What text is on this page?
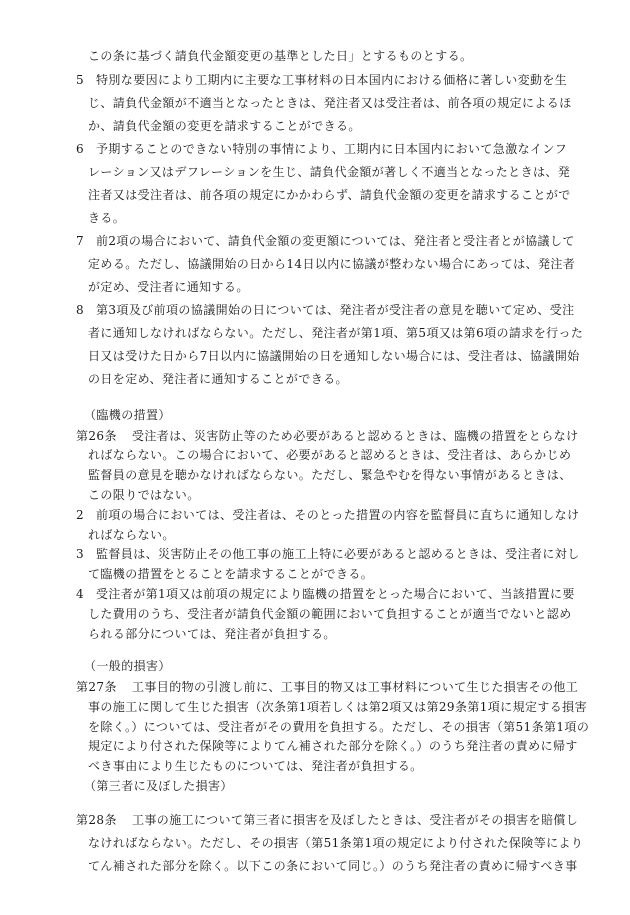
この条に基づく請負代金額変更の基準とした日」とするものとする。
5 特別な要因により工期内に主要な工事材料の日本国内における価格に著しい変動を生
じ、請負代金額が不適当となったときは、発注者又は受注者は、前各項の規定によるほ
か、請負代金額の変更を請求することができる。
6 予期することのできない特別の事情により、工期内に日本国内において急激なインフ
レーション又はデフレーションを生じ、請負代金額が著しく不適当となったときは、発
注者又は受注者は、前各項の規定にかかわらず、請負代金額の変更を請求することがで
きる。
7 前2項の場合において、請負代金額の変更額については、発注者と受注者とが協議して
定める。ただし、協議開始の日から14日以内に協議が整わない場合にあっては、発注者
が定め、受注者に通知する。
8 第3項及び前項の協議開始の日については、発注者が受注者の意見を聴いて定め、受注
者に通知しなければならない。ただし、発注者が第1項、第5項又は第6項の請求を行った
日又は受けた日から7日以内に協議開始の日を通知しない場合には、受注者は、協議開始
の日を定め、発注者に通知することができる。
（臨機の措置）
第26条 受注者は、災害防止等のため必要があると認めるときは、臨機の措置をとらなけ
ればならない。この場合において、必要があると認めるときは、受注者は、あらかじめ
監督員の意見を聴かなければならない。ただし、緊急やむを得ない事情があるときは、
この限りではない。
2 前項の場合においては、受注者は、そのとった措置の内容を監督員に直ちに通知しなけ
ればならない。
3 監督員は、災害防止その他工事の施工上特に必要があると認めるときは、受注者に対し
て臨機の措置をとることを請求することができる。
4 受注者が第1項又は前項の規定により臨機の措置をとった場合において、当該措置に要
した費用のうち、受注者が請負代金額の範囲において負担することが適当でないと認め
られる部分については、発注者が負担する。
（一般的損害）
第27条 工事目的物の引渡し前に、工事目的物又は工事材料について生じた損害その他工
事の施工に関して生じた損害（次条第1項若しくは第2項又は第29条第1項に規定する損害
を除く。）については、受注者がその費用を負担する。ただし、その損害（第51条第1項の
規定により付された保険等によりてん補された部分を除く。）のうち発注者の責めに帰す
べき事由により生じたものについては、発注者が負担する。
（第三者に及ぼした損害）
第28条 工事の施工について第三者に損害を及ぼしたときは、受注者がその損害を賠償し
なければならない。ただし、その損害（第51条第1項の規定により付された保険等により
てん補された部分を除く。以下この条において同じ。）のうち発注者の責めに帰すべき事
